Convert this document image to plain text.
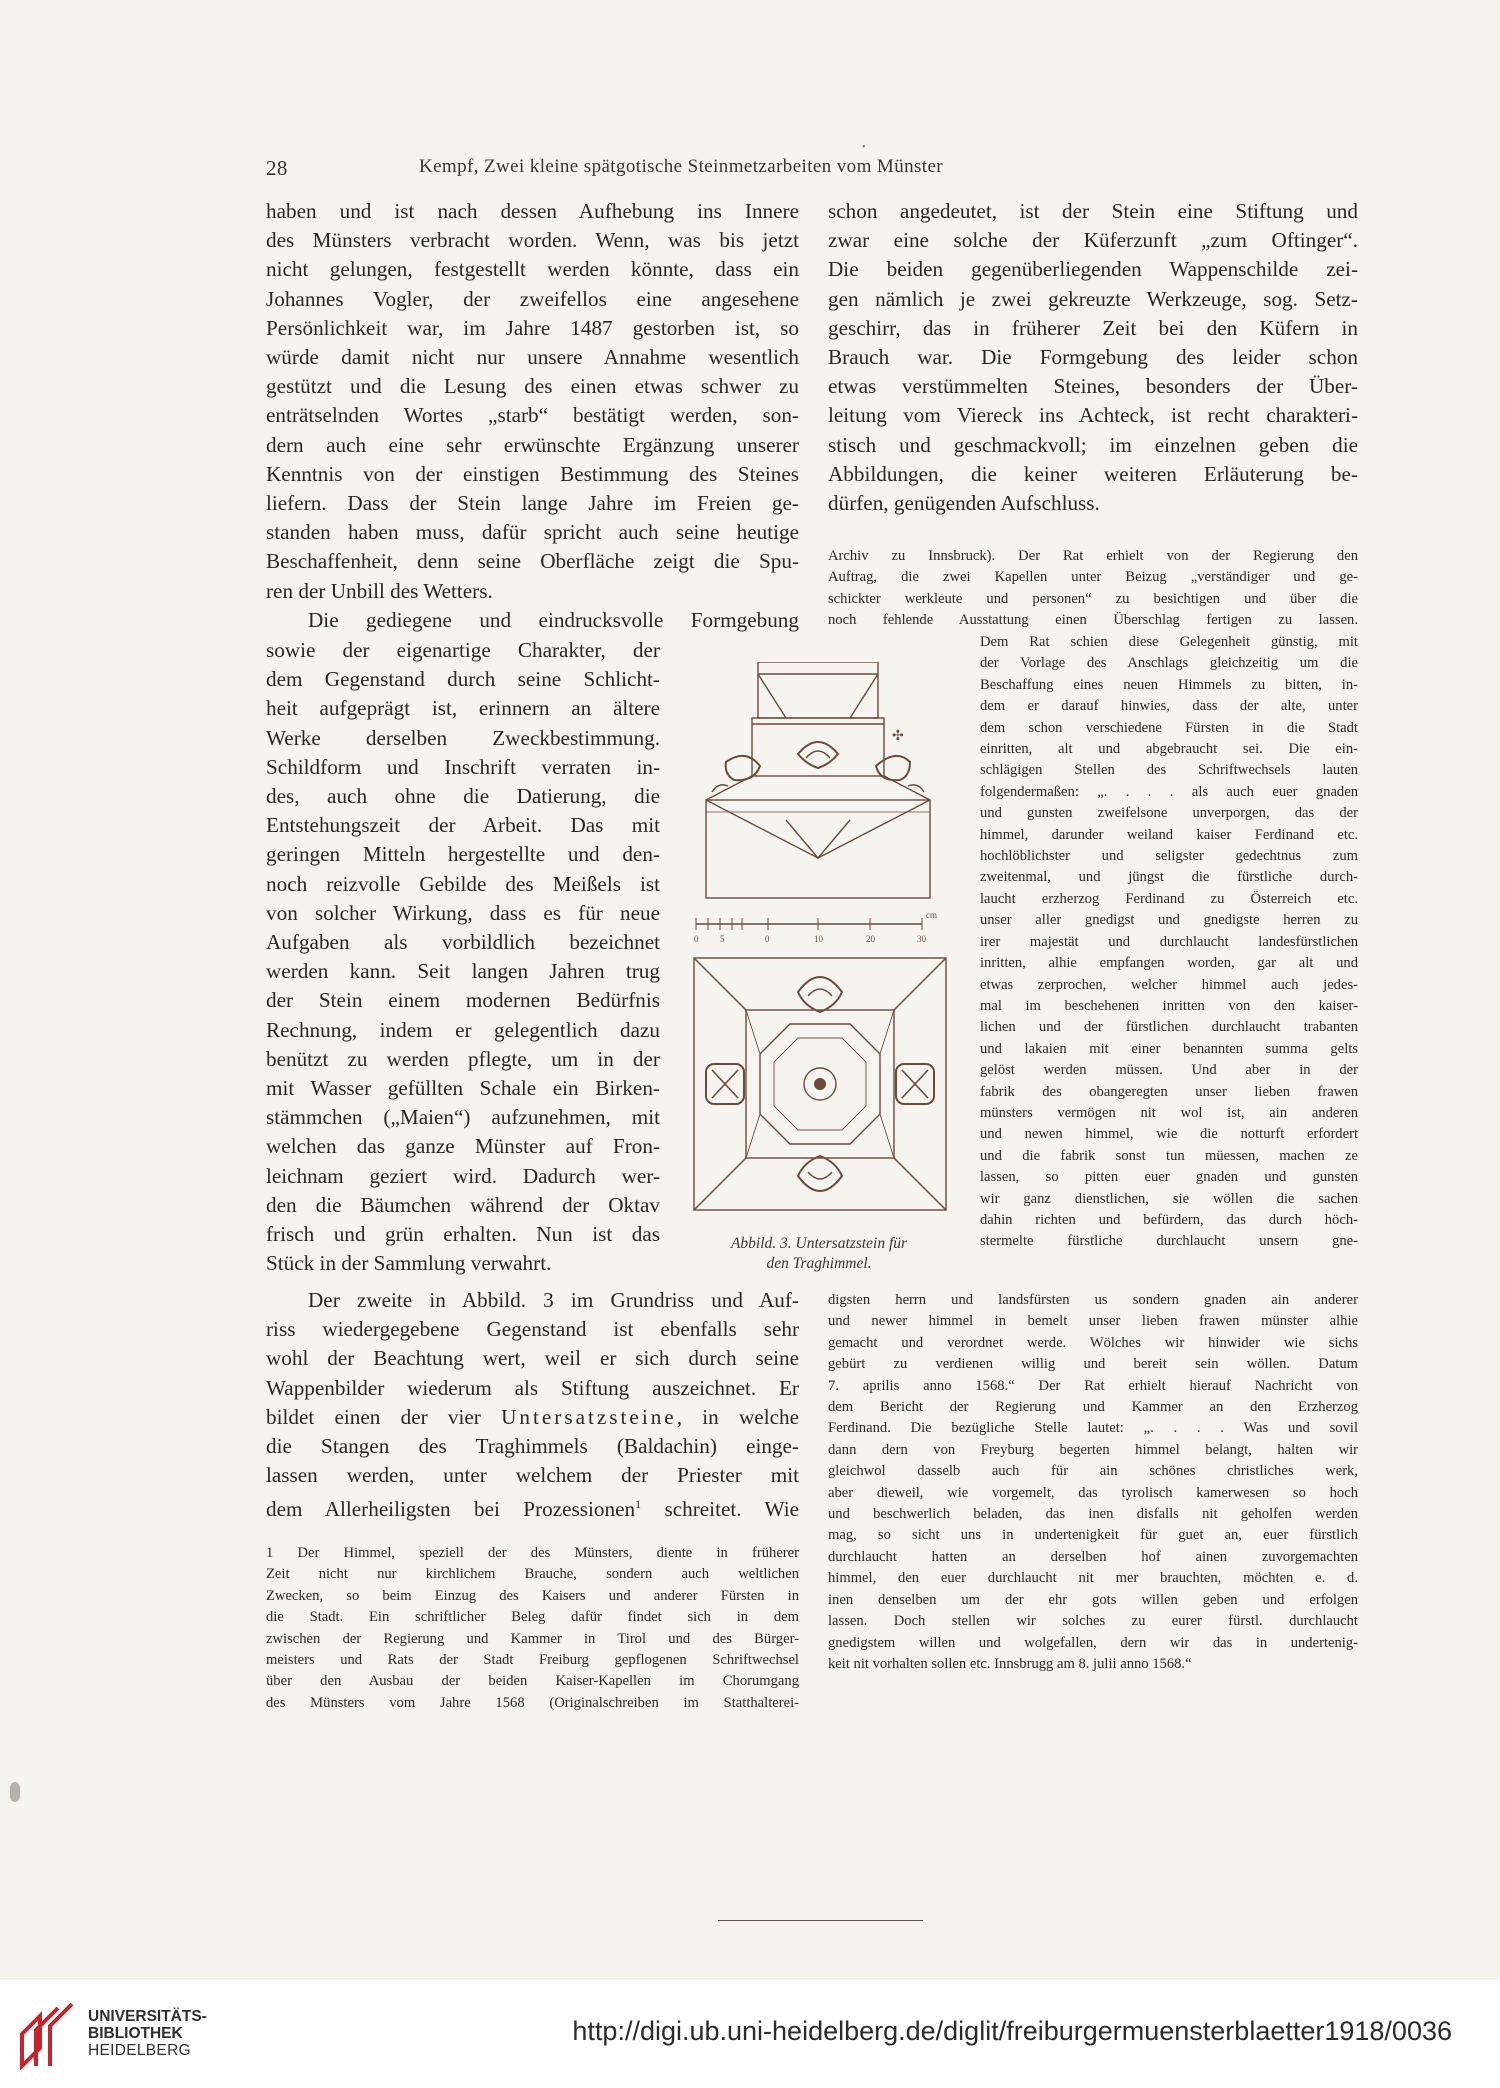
28	Kempf, Zwei kleine spätgotische Steinmetzarbeiten vom Münster
•
haben und ist nach dessen Aufhebung ins Innere
des Münsters verbracht worden. Wenn, was bis jetzt
nicht gelungen, festgestellt werden könnte, dass ein
Johannes Vogler, der zweifellos eine angesehene
Persönlichkeit war, im Jahre 1487 gestorben ist, so
würde damit nicht nur unsere Annahme wesentlich
gestützt und die Lesung des einen etwas schwer zu
enträtselnden Wortes „starb“ bestätigt werden, son-
dern auch eine sehr erwünschte Ergänzung unserer
Kenntnis von der einstigen Bestimmung des Steines
liefern. Dass der Stein lange Jahre im Freien ge-
standen haben muss, dafür spricht auch seine heutige
Beschaffenheit, denn seine Oberfläche zeigt die Spu-
ren der Unbill des Wetters.
Die gediegene und eindrucksvolle Formgebung
sowie der eigenartige Charakter, der
dem Gegenstand durch seine Schlicht-
heit aufgeprägt ist, erinnern an ältere
Werke derselben Zweckbestimmung.
Schildform und Inschrift verraten in-
des, auch ohne die Datierung, die
Entstehungszeit der Arbeit. Das mit
geringen Mitteln hergestellte und den-
noch reizvolle Gebilde des Meißels ist
von solcher Wirkung, dass es für neue
Aufgaben als vorbildlich bezeichnet
werden kann. Seit langen Jahren trug
der Stein einem modernen Bedürfnis
Rechnung, indem er gelegentlich dazu
benützt zu werden pflegte, um in der
mit Wasser gefüllten Schale ein Birken-
stämmchen („Maien“) aufzunehmen, mit
welchen das ganze Münster auf Fron-
leichnam geziert wird. Dadurch wer-
den die Bäumchen während der Oktav
frisch und grün erhalten. Nun ist das
Stück in der Sammlung verwahrt.
Der zweite in Abbild. 3 im Grundriss und Auf-
riss wiedergegebene Gegenstand ist ebenfalls sehr
wohl der Beachtung wert, weil er sich durch seine
Wappenbilder wiederum als Stiftung auszeichnet. Er
bildet einen der vier Untersatzsteine, in welche
die Stangen des Traghimmels (Baldachin) einge-
lassen werden, unter welchem der Priester mit
dem Allerheiligsten bei Prozessionen$^1$ schreitet. Wie
1 Der Himmel, speziell der des Münsters, diente in früherer
Zeit nicht nur kirchlichem Brauche, sondern auch weltlichen
Zwecken, so beim Einzug des Kaisers und anderer Fürsten in
die Stadt. Ein schriftlicher Beleg dafür findet sich in dem
zwischen der Regierung und Kammer in Tirol und des Bürger-
meisters und Rats der Stadt Freiburg gepflogenen Schriftwechsel
über den Ausbau der beiden Kaiser-Kapellen im Chorumgang
des Münsters vom Jahre 1568 (Originalschreiben im Statthalterei-
schon angedeutet, ist der Stein eine Stiftung und
zwar eine solche der Küferzunft „zum Oftinger“.
Die beiden gegenüberliegenden Wappenschilde zei-
gen nämlich je zwei gekreuzte Werkzeuge, sog. Setz-
geschirr, das in früherer Zeit bei den Küfern in
Brauch war. Die Formgebung des leider schon
etwas verstümmelten Steines, besonders der Über-
leitung vom Viereck ins Achteck, ist recht charakteri-
stisch und geschmackvoll; im einzelnen geben die
Abbildungen, die keiner weiteren Erläuterung be-
dürfen, genügenden Aufschluss.
Archiv zu Innsbruck). Der Rat erhielt von der Regierung den
Auftrag, die zwei Kapellen unter Beizug „verständiger und ge-
schickter werkleute und personen“ zu besichtigen und über die
noch fehlende Ausstattung einen Überschlag fertigen zu lassen.
Dem Rat schien diese Gelegenheit günstig, mit
der Vorlage des Anschlags gleichzeitig um die
Beschaffung eines neuen Himmels zu bitten, in-
dem er darauf hinwies, dass der alte, unter
dem schon verschiedene Fürsten in die Stadt
einritten, alt und abgebraucht sei. Die ein-
schlägigen Stellen des Schriftwechsels lauten
folgendermaßen: „. . . . als auch euer gnaden
und gunsten zweifelsone unverporgen, das der
himmel, darunder weiland kaiser Ferdinand etc.
hochlöblichster und seligster gedechtnus zum
zweitenmal, und jüngst die fürstliche durch-
laucht erzherzog Ferdinand zu Österreich etc.
unser aller gnedigst und gnedigste herren zu
irer majestät und durchlaucht landesfürstlichen
inritten, alhie empfangen worden, gar alt und
etwas zerprochen, welcher himmel auch jedes-
mal im beschehenen inritten von den kaiser-
lichen und der fürstlichen durchlaucht trabanten
und lakaien mit einer benannten summa gelts
gelöst werden müssen. Und aber in der
fabrik des obangeregten unser lieben frawen
münsters vermögen nit wol ist, ain anderen
und newen himmel, wie die notturft erfordert
und die fabrik sonst tun müessen, machen ze
lassen, so pitten euer gnaden und gunsten
wir ganz dienstlichen, sie wöllen die sachen
dahin richten und befürdern, das durch höch-
stermelte fürstliche durchlaucht unsern gne-
digsten herrn und landsfürsten us sondern gnaden ain anderer
und newer himmel in bemelt unser lieben frawen münster alhie
gemacht und verordnet werde. Wölches wir hinwider wie sichs
gebürt zu verdienen willig und bereit sein wöllen. Datum
7. aprilis anno 1568.“ Der Rat erhielt hierauf Nachricht von
dem Bericht der Regierung und Kammer an den Erzherzog
Ferdinand. Die bezügliche Stelle lautet: „. . . . Was und sovil
dann dern von Freyburg begerten himmel belangt, halten wir
gleichwol dasselb auch für ain schönes christliches werk,
aber dieweil, wie vorgemelt, das tyrolisch kamerwesen so hoch
und beschwerlich beladen, das inen disfalls nit geholfen werden
mag, so sicht uns in undertenigkeit für guet an, euer fürstlich
durchlaucht hatten an derselben hof ainen zuvorgemachten
himmel, den euer durchlaucht nit mer brauchten, möchten e. d.
inen denselben um der ehr gots willen geben und erfolgen
lassen. Doch stellen wir solches zu eurer fürstl. durchlaucht
gnedigstem willen und wolgefallen, dern wir das in undertenig-
keit nit vorhalten sollen etc. Innsbrugg am 8. julii anno 1568.“
✣
0 5	0	10	20	30
cm
Abbild. 3. Untersatzstein für
den Traghimmel.
UNIVERSITÄTS-
BIBLIOTHEK
HEIDELBERG
http://digi.ub.uni-heidelberg.de/diglit/freiburgermuensterblaetter1918/0036
